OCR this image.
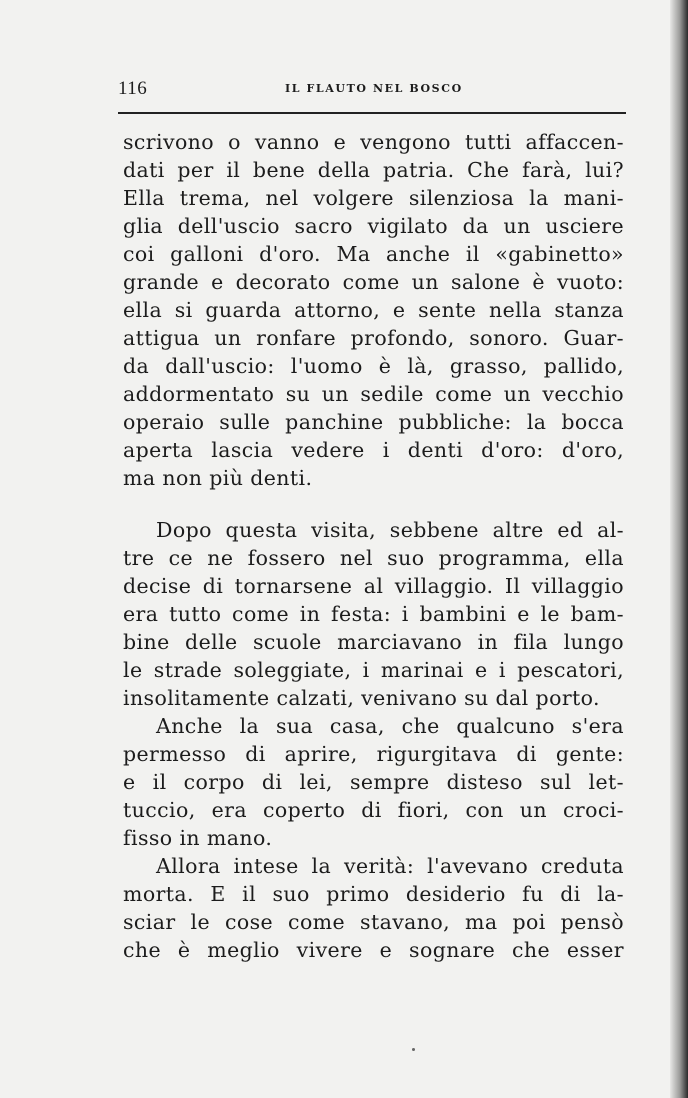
116	IL FLAUTO NEL BOSCO
scrivono o vanno e vengono tutti affaccen-
dati per il bene della patria. Che farà, lui?
Ella trema, nel volgere silenziosa la mani-
glia dell'uscio sacro vigilato da un usciere
coi galloni d'oro. Ma anche il «gabinetto»
grande e decorato come un salone è vuoto:
ella si guarda attorno, e sente nella stanza
attigua un ronfare profondo, sonoro. Guar-
da dall'uscio: l'uomo è là, grasso, pallido,
addormentato su un sedile come un vecchio
operaio sulle panchine pubbliche: la bocca
aperta lascia vedere i denti d'oro: d'oro,
ma non più denti.
Dopo questa visita, sebbene altre ed al-
tre ce ne fossero nel suo programma, ella
decise di tornarsene al villaggio. Il villaggio
era tutto come in festa: i bambini e le bam-
bine delle scuole marciavano in fila lungo
le strade soleggiate, i marinai e i pescatori,
insolitamente calzati, venivano su dal porto.
Anche la sua casa, che qualcuno s'era
permesso di aprire, rigurgitava di gente:
e il corpo di lei, sempre disteso sul let-
tuccio, era coperto di fiori, con un croci-
fisso in mano.
Allora intese la verità: l'avevano creduta
morta. E il suo primo desiderio fu di la-
sciar le cose come stavano, ma poi pensò
che è meglio vivere e sognare che esser
